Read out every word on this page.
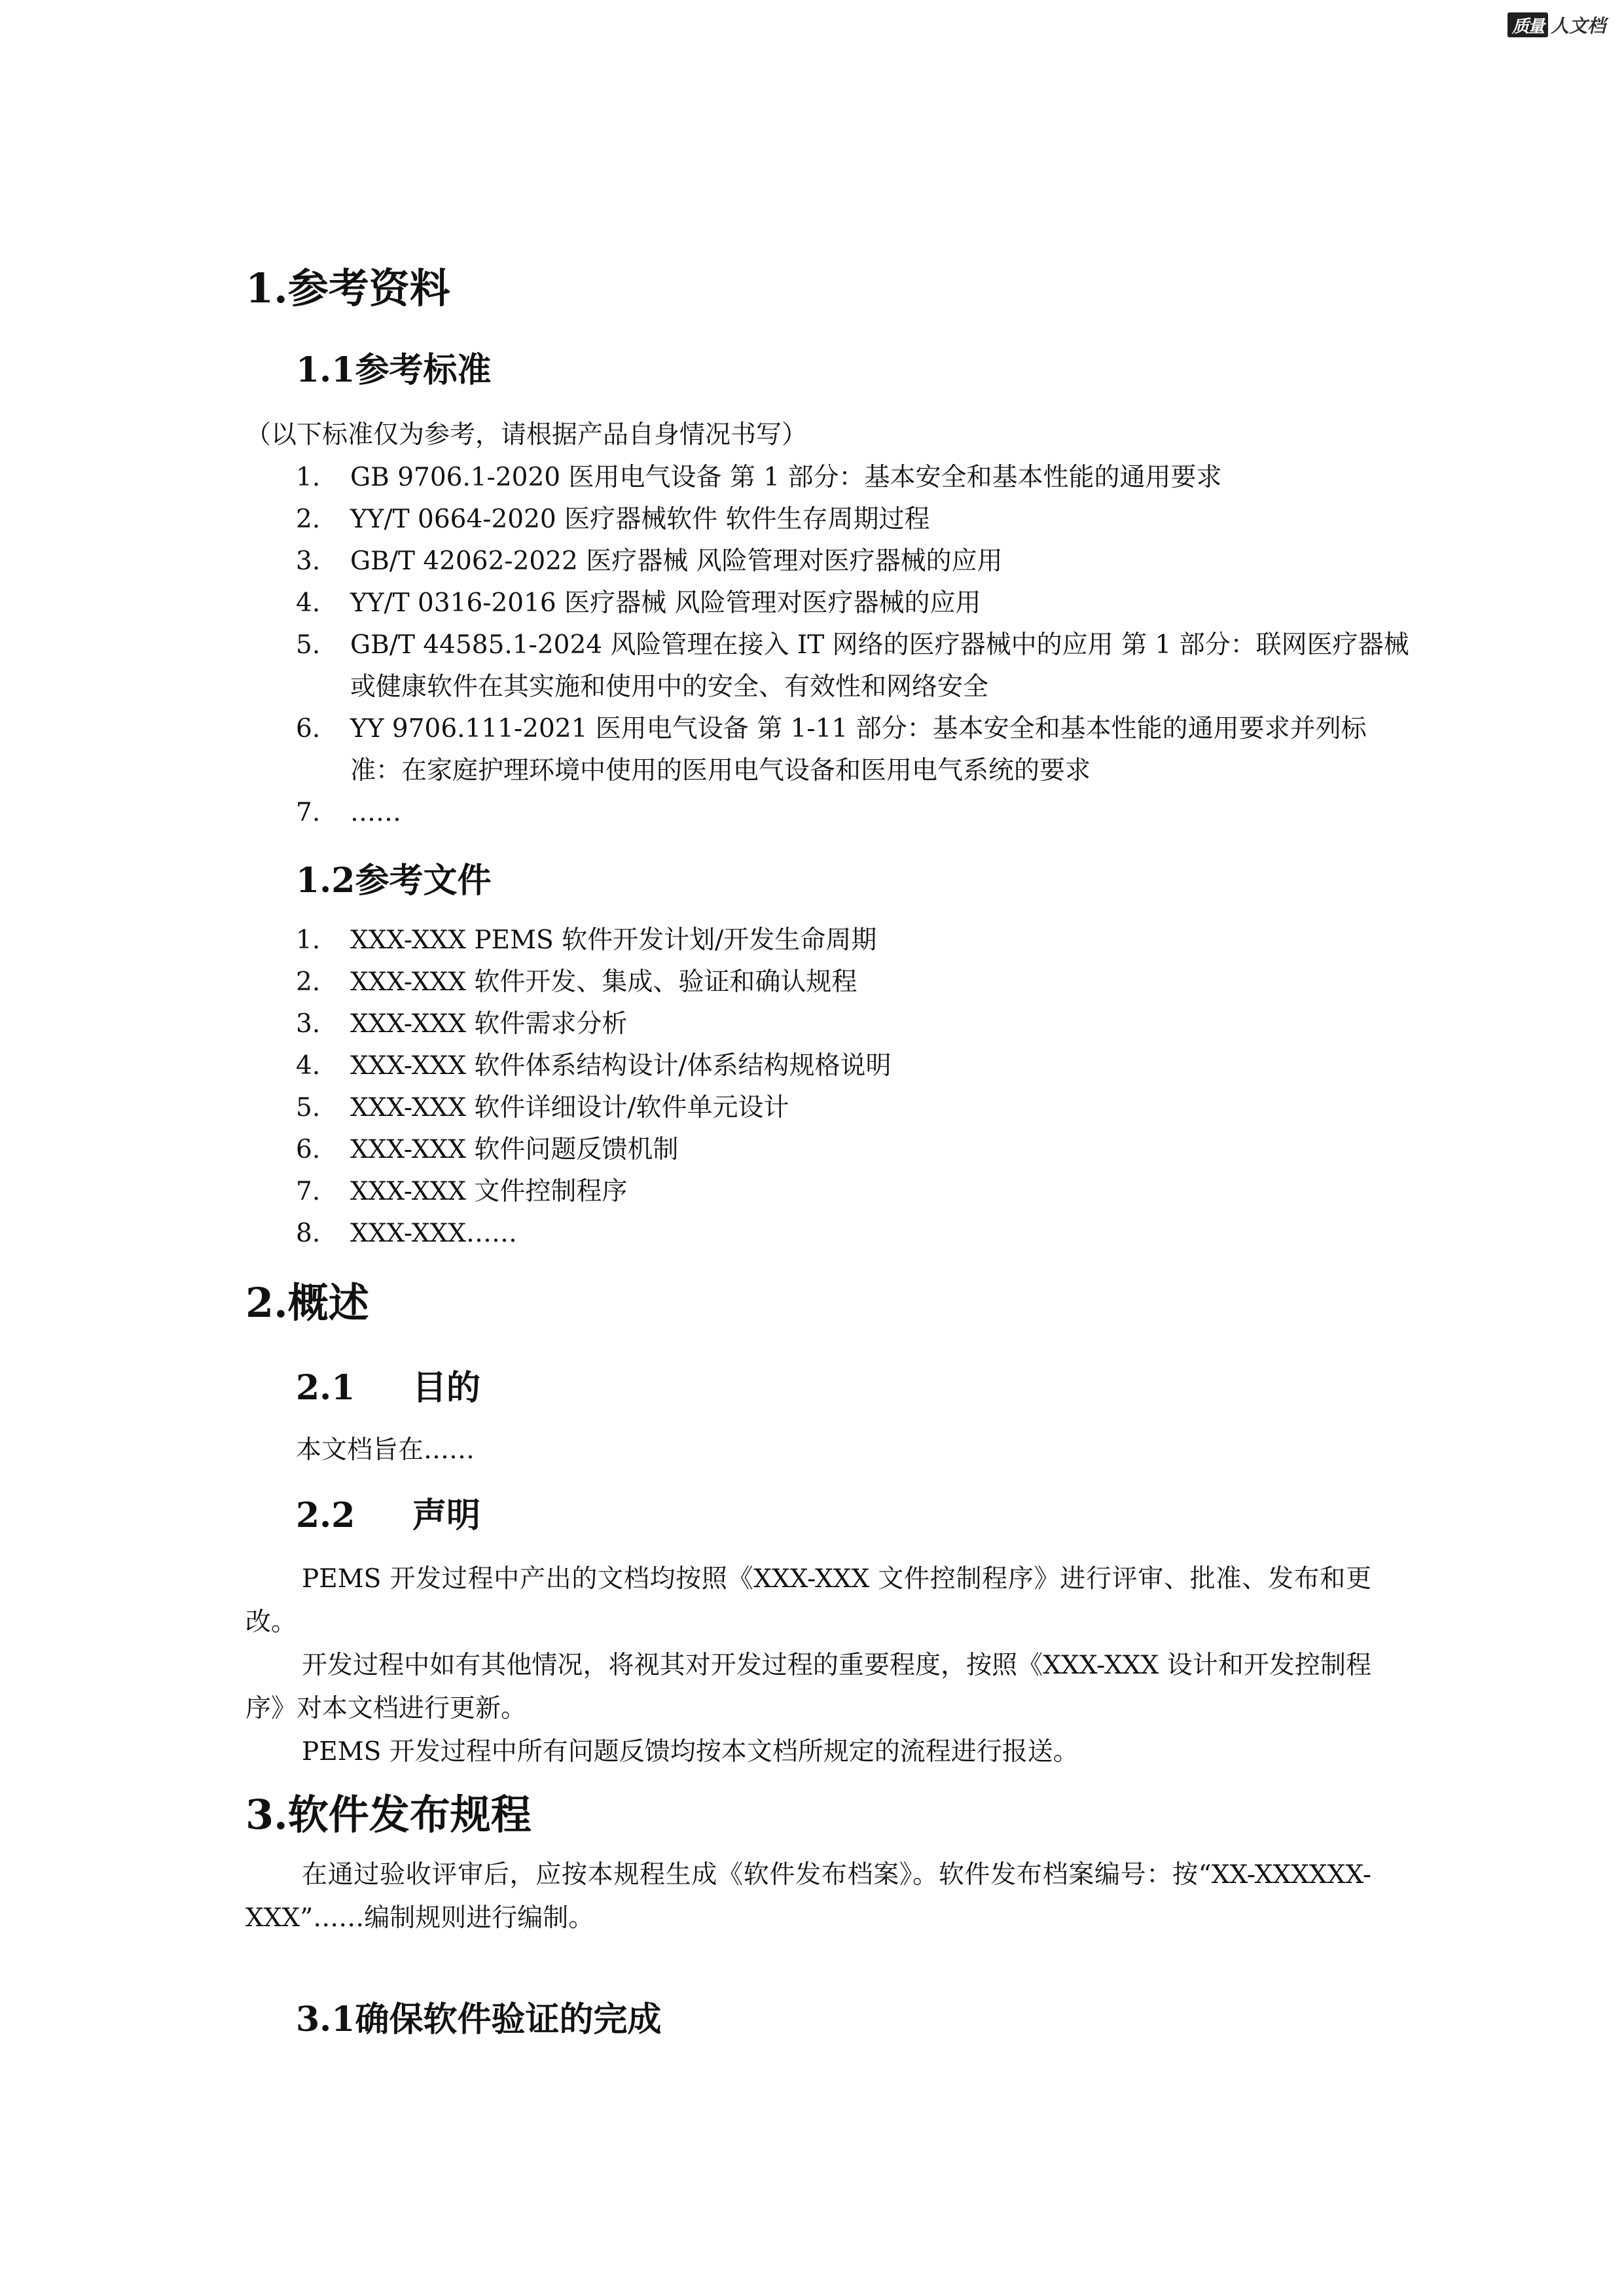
质量 人文档
1.参考资料
1.1参考标准
（以下标准仅为参考，请根据产品自身情况书写）
1. GB 9706.1-2020 医用电气设备 第 1 部分：基本安全和基本性能的通用要求
2. YY/T 0664-2020 医疗器械软件 软件生存周期过程
3. GB/T 42062-2022 医疗器械 风险管理对医疗器械的应用
4. YY/T 0316-2016 医疗器械 风险管理对医疗器械的应用
5. GB/T 44585.1-2024 风险管理在接入 IT 网络的医疗器械中的应用 第 1 部分：联网医疗器械或健康软件在其实施和使用中的安全、有效性和网络安全
6. YY 9706.111-2021 医用电气设备 第 1-11 部分：基本安全和基本性能的通用要求并列标准：在家庭护理环境中使用的医用电气设备和医用电气系统的要求
7. ……
1.2参考文件
1. XXX-XXX PEMS 软件开发计划/开发生命周期
2. XXX-XXX 软件开发、集成、验证和确认规程
3. XXX-XXX 软件需求分析
4. XXX-XXX 软件体系结构设计/体系结构规格说明
5. XXX-XXX 软件详细设计/软件单元设计
6. XXX-XXX 软件问题反馈机制
7. XXX-XXX 文件控制程序
8. XXX-XXX……
2.概述
2.1 目的
本文档旨在……
2.2 声明

PEMS 开发过程中产出的文档均按照《XXX-XXX 文件控制程序》进行评审、批准、发布和更改。

开发过程中如有其他情况，将视其对开发过程的重要程度，按照《XXX-XXX 设计和开发控制程序》对本文档进行更新。

PEMS 开发过程中所有问题反馈均按本文档所规定的流程进行报送。

3.软件发布规程

在通过验收评审后，应按本规程生成《软件发布档案》。软件发布档案编号：按“XX-XXXXXX-XXX”……编制规则进行编制。

3.1确保软件验证的完成
